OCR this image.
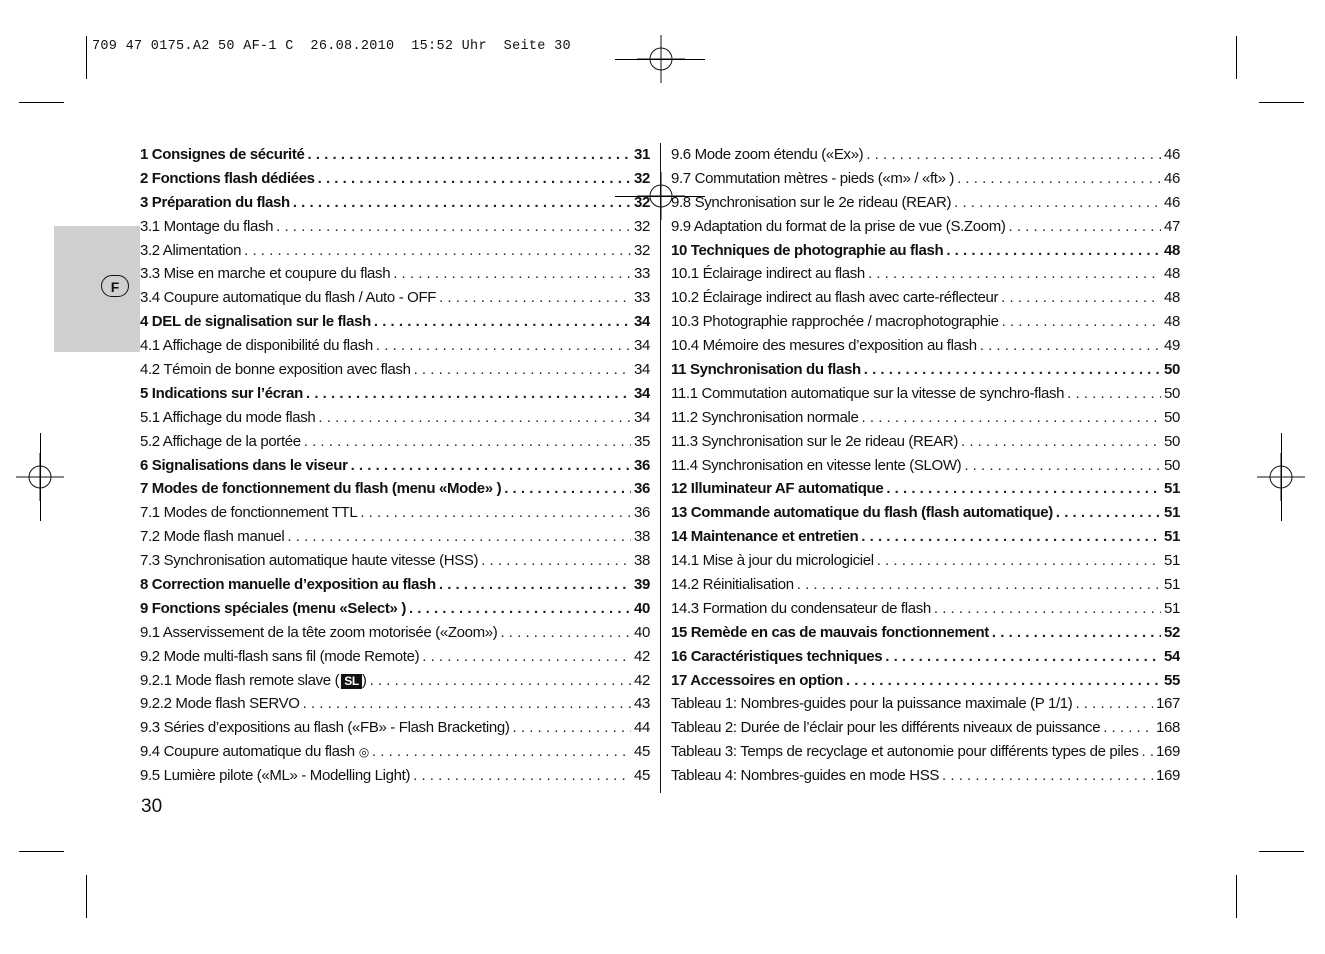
709 47 0175.A2 50 AF-1 C  26.08.2010  15:52 Uhr  Seite 30
F
1 Consignes de sécurité . . .	31
2 Fonctions flash dédiées . . .	32
3 Préparation du flash . . .	32
3.1 Montage du flash . . .	32
3.2 Alimentation . . .	32
3.3 Mise en marche et coupure du flash . . .	33
3.4 Coupure automatique du flash / Auto - OFF . . .	33
4 DEL de signalisation sur le flash . . .	34
4.1 Affichage de disponibilité du flash . . .	34
4.2 Témoin de bonne exposition avec flash . . .	34
5 Indications sur l’écran . . .	34
5.1 Affichage du mode flash . . .	34
5.2 Affichage de la portée . . .	35
6 Signalisations dans le viseur . . .	36
7 Modes de fonctionnement du flash (menu «Mode» ) . . .	36
7.1 Modes de fonctionnement TTL . . .	36
7.2 Mode flash manuel . . .	38
7.3 Synchronisation automatique haute vitesse (HSS) . . .	38
8 Correction manuelle d’exposition au flash . . .	39
9 Fonctions spéciales (menu «Select» ) . . .	40
9.1 Asservissement de la tête zoom motorisée («Zoom») . . .	40
9.2 Mode multi-flash sans fil (mode Remote) . . .	42
9.2.1 Mode flash remote slave ( SL ) . . .	42
9.2.2 Mode flash SERVO . . .	43
9.3 Séries d’expositions au flash («FB» - Flash Bracketing) . . .	44
9.4 Coupure automatique du flash ◎ . . .	45
9.5 Lumière pilote («ML» - Modelling Light) . . .	45
9.6 Mode zoom étendu («Ex») . . .	46
9.7 Commutation mètres - pieds («m» / «ft» ) . . .	46
9.8 Synchronisation sur le 2e rideau (REAR) . . .	46
9.9 Adaptation du format de la prise de vue (S.Zoom) . . .	47
10 Techniques de photographie au flash . . .	48
10.1 Éclairage indirect au flash . . .	48
10.2 Éclairage indirect au flash avec carte-réflecteur . . .	48
10.3 Photographie rapprochée / macrophotographie . . .	48
10.4 Mémoire des mesures d’exposition au flash . . .	49
11 Synchronisation du flash . . .	50
11.1 Commutation automatique sur la vitesse de synchro-flash . . .	50
11.2 Synchronisation normale . . .	50
11.3 Synchronisation sur le 2e rideau (REAR) . . .	50
11.4 Synchronisation en vitesse lente (SLOW) . . .	50
12 Illuminateur AF automatique . . .	51
13 Commande automatique du flash (flash automatique) . . .	51
14 Maintenance et entretien . . .	51
14.1 Mise à jour du micrologiciel . . .	51
14.2 Réinitialisation . . .	51
14.3 Formation du condensateur de flash . . .	51
15 Remède en cas de mauvais fonctionnement . . .	52
16 Caractéristiques techniques . . .	54
17 Accessoires en option . . .	55
Tableau 1: Nombres-guides pour la puissance maximale (P 1/1) . . .	167
Tableau 2: Durée de l’éclair pour les différents niveaux de puissance . . .	168
Tableau 3: Temps de recyclage et autonomie pour différents types de piles . . . 169
Tableau 4: Nombres-guides en mode HSS . . .	169
30
